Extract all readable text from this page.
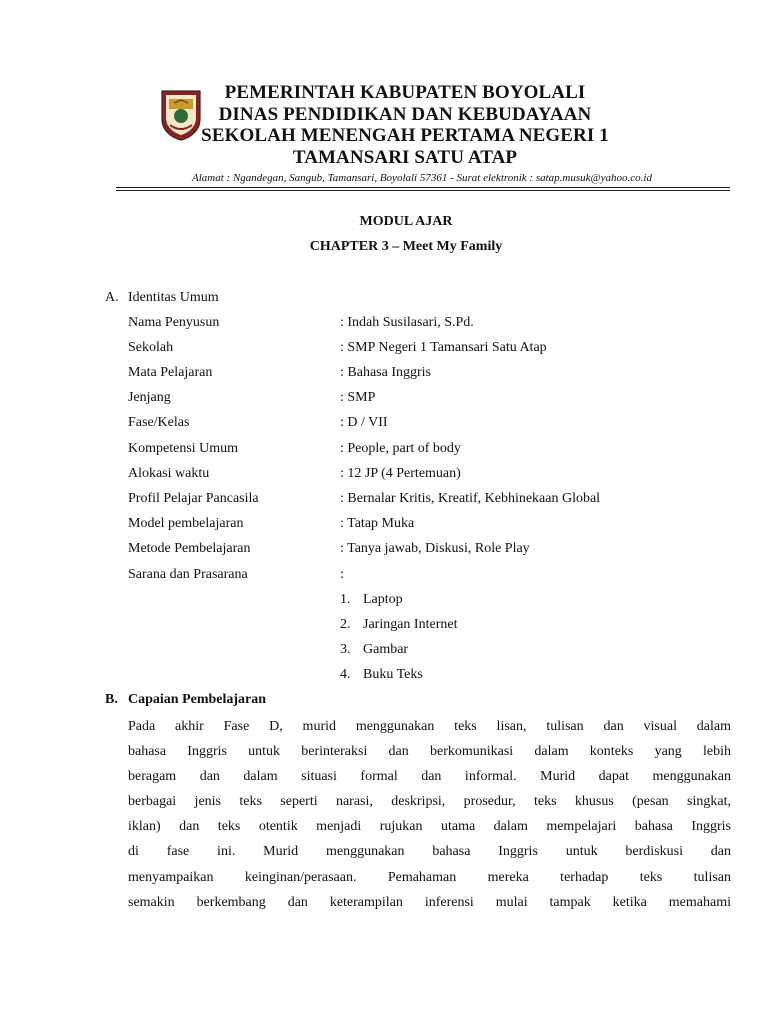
PEMERINTAH KABUPATEN BOYOLALI
DINAS PENDIDIKAN DAN KEBUDAYAAN
SEKOLAH MENENGAH PERTAMA NEGERI 1
TAMANSARI SATU ATAP
Alamat : Ngandegan, Sangub, Tamansari, Boyolali 57361 - Surat elektronik : satap.musuk@yahoo.co.id
MODUL AJAR
CHAPTER 3 – Meet My Family
A. Identitas Umum
Nama Penyusun	: Indah Susilasari, S.Pd.
Sekolah	: SMP Negeri 1 Tamansari Satu Atap
Mata Pelajaran	: Bahasa Inggris
Jenjang	: SMP
Fase/Kelas	: D / VII
Kompetensi Umum	: People, part of body
Alokasi waktu	: 12 JP (4 Pertemuan)
Profil Pelajar Pancasila	: Bernalar Kritis, Kreatif, Kebhinekaan Global
Model pembelajaran	: Tatap Muka
Metode Pembelajaran	: Tanya jawab, Diskusi, Role Play
Sarana dan Prasarana	:
1. Laptop
2. Jaringan Internet
3. Gambar
4. Buku Teks
B. Capaian Pembelajaran
Pada akhir Fase D, murid menggunakan teks lisan, tulisan dan visual dalam
bahasa Inggris untuk berinteraksi dan berkomunikasi dalam konteks yang lebih
beragam dan dalam situasi formal dan informal. Murid dapat menggunakan
berbagai jenis teks seperti narasi, deskripsi, prosedur, teks khusus (pesan singkat,
iklan) dan teks otentik menjadi rujukan utama dalam mempelajari bahasa Inggris
di fase ini. Murid menggunakan bahasa Inggris untuk berdiskusi dan
menyampaikan keinginan/perasaan. Pemahaman mereka terhadap teks tulisan
semakin berkembang dan keterampilan inferensi mulai tampak ketika memahami
